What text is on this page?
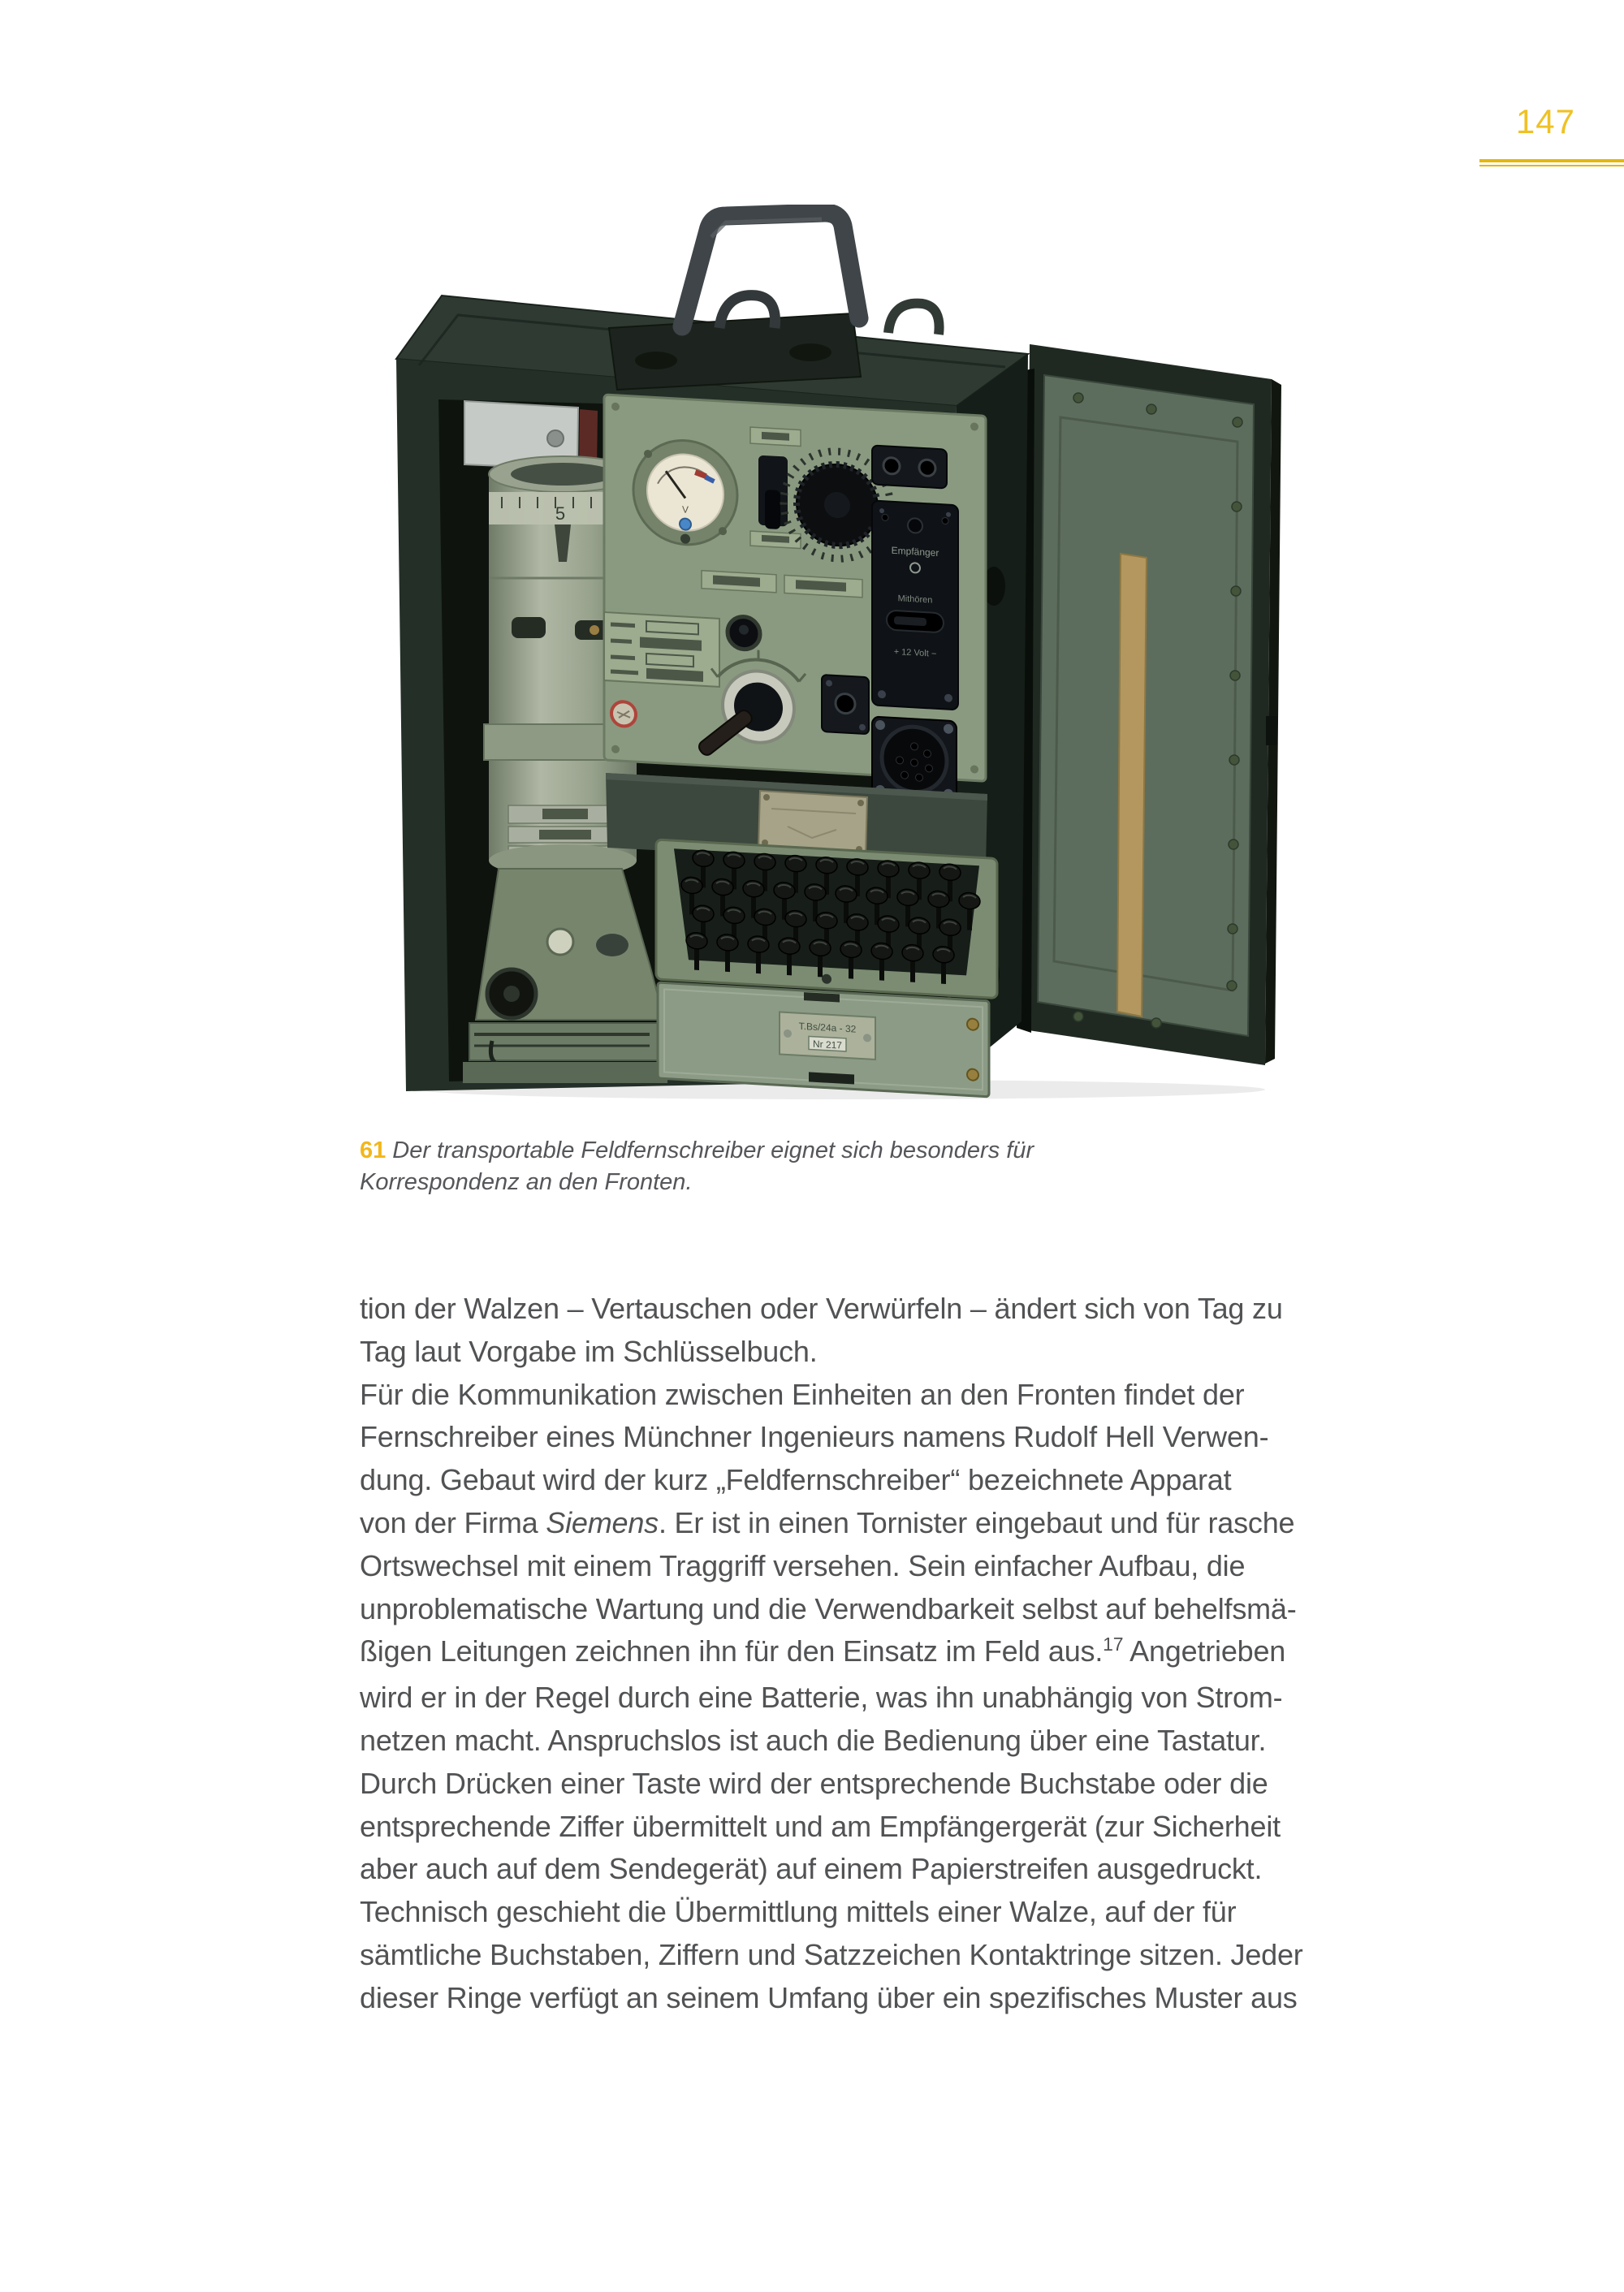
147
5	V
Empfänger
Mithören
+ 12 Volt −
T.Bs/24a - 32
Nr 217
61 Der transportable Feldfernschreiber eignet sich besonders für
Korrespondenz an den Fronten.
tion der Walzen – Vertauschen oder Verwürfeln – ändert sich von Tag zu
Tag laut Vorgabe im Schlüsselbuch.
Für die Kommunikation zwischen Einheiten an den Fronten findet der
Fernschreiber eines Münchner Ingenieurs namens Rudolf Hell Verwen-
dung. Gebaut wird der kurz „Feldfernschreiber“ bezeichnete Apparat
von der Firma Siemens. Er ist in einen Tornister eingebaut und für rasche
Ortswechsel mit einem Traggriff versehen. Sein einfacher Aufbau, die
unproblematische Wartung und die Verwendbarkeit selbst auf behelfsmä-
ßigen Leitungen zeichnen ihn für den Einsatz im Feld aus.$^{17}$ Angetrieben
wird er in der Regel durch eine Batterie, was ihn unabhängig von Strom-
netzen macht. Anspruchslos ist auch die Bedienung über eine Tastatur.
Durch Drücken einer Taste wird der entsprechende Buchstabe oder die
entsprechende Ziffer übermittelt und am Empfängergerät (zur Sicherheit
aber auch auf dem Sendegerät) auf einem Papierstreifen ausgedruckt.
Technisch geschieht die Übermittlung mittels einer Walze, auf der für
sämtliche Buchstaben, Ziffern und Satzzeichen Kontaktringe sitzen. Jeder
dieser Ringe verfügt an seinem Umfang über ein spezifisches Muster aus
